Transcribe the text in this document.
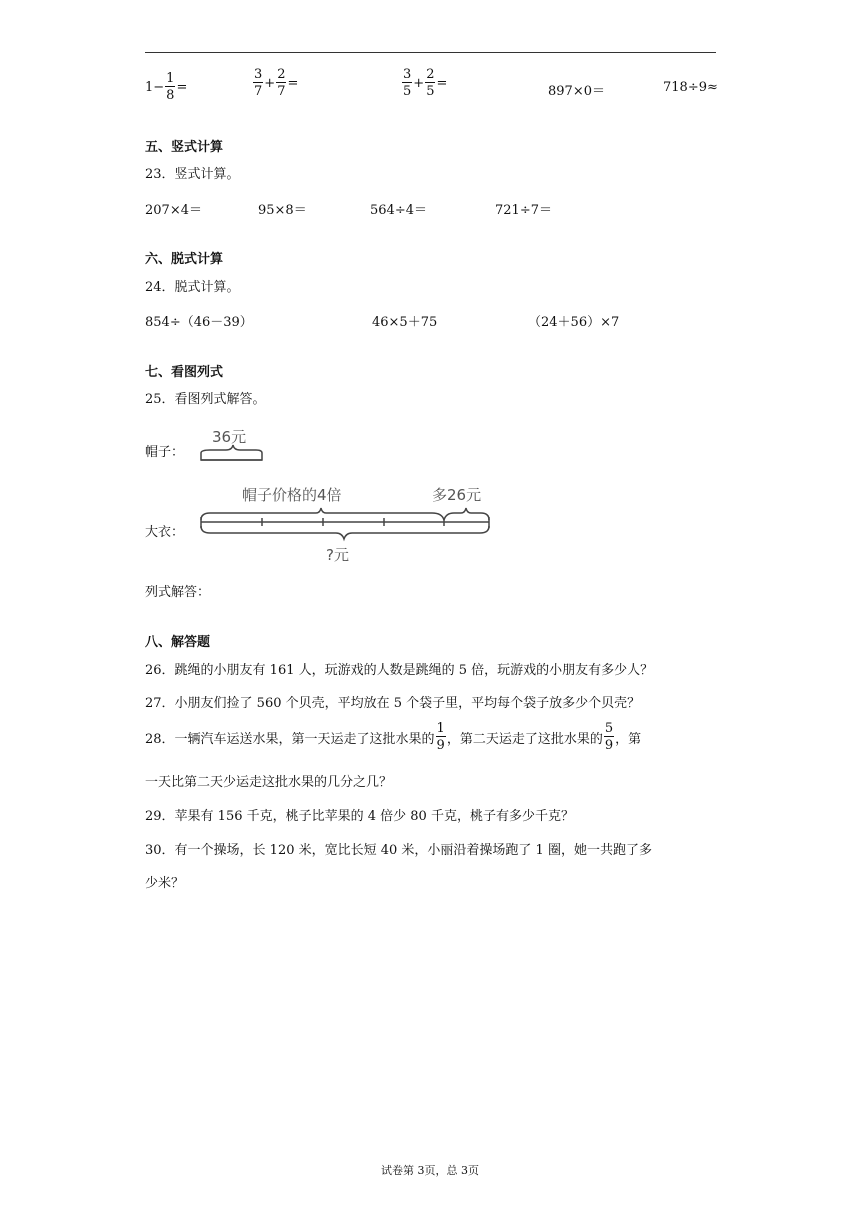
$1- \frac{1}{8}$ =	$\frac{3}{7} + \frac{2}{7}$ =	$\frac{3}{5} + \frac{2}{5}$ =
897×0＝	718÷9≈
五、竖式计算
23．竖式计算。
207×4＝	95×8＝	564÷4＝	721÷7＝
六、脱式计算
24．脱式计算。
854÷（46－39）	46×5＋75	（24＋56）×7
七、看图列式
25．看图列式解答。
帽子：
36元
大衣：
帽子价格的4倍	多26元
?元
列式解答：
八、解答题
26．跳绳的小朋友有 161 人，玩游戏的人数是跳绳的 5 倍，玩游戏的小朋友有多少人？
27．小朋友们捡了 560 个贝壳，平均放在 5 个袋子里，平均每个袋子放多少个贝壳？
28．一辆汽车运送水果，第一天运走了这批水果的 $\frac{1}{9}$ ，第二天运走了这批水果的 $\frac{5}{9}$ ，第
一天比第二天少运走这批水果的几分之几？
29．苹果有 156 千克，桃子比苹果的 4 倍少 80 千克，桃子有多少千克？
30．有一个操场，长 120 米，宽比长短 40 米，小丽沿着操场跑了 1 圈，她一共跑了多
少米？
试卷第 3页，总 3页
